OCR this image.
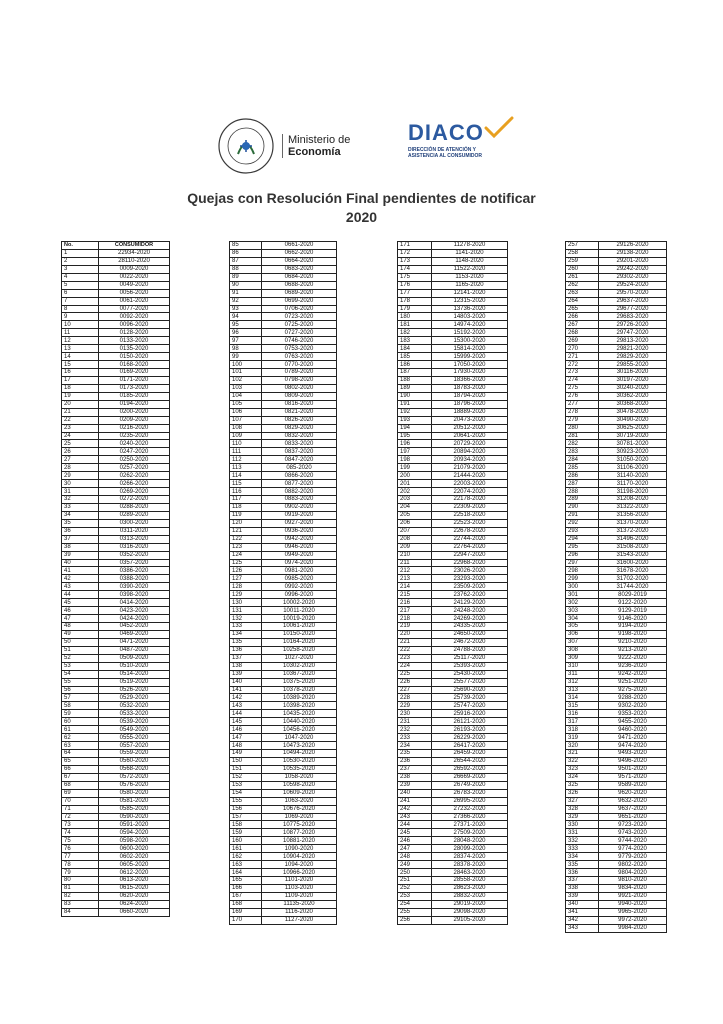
Ministerio de
Economía
DIACO
DIRECCIÓN DE ATENCIÓN Y
ASISTENCIA AL CONSUMIDOR
Quejas con Resolución Final pendientes de notificar
2020
No.	CONSUMIDOR
1	22934-2020
2	28110-2020
3	0009-2020
4	0022-2020
5	0049-2020
6	0056-2020
7	0061-2020
8	0077-2020
9	0092-2020
10	0096-2020
11	0128-2020
12	0133-2020
13	0135-2020
14	0150-2020
15	0168-2020
16	0169-2020
17	0171-2020
18	0173-2020
19	0185-2020
20	0194-2020
21	0200-2020
22	0209-2020
23	0216-2020
24	0235-2020
25	0240-2020
26	0247-2020
27	0250-2020
28	0257-2020
29	0262-2020
30	0266-2020
31	0269-2020
32	0272-2020
33	0288-2020
34	0289-2020
35	0300-2020
36	0311-2020
37	0313-2020
38	0316-2020
39	0352-2020
40	0357-2020
41	0386-2020
42	0388-2020
43	0390-2020
44	0398-2020
45	0414-2020
46	0423-2020
47	0424-2020
48	0452-2020
49	0469-2020
50	0471-2020
51	0487-2020
52	0509-2020
53	0510-2020
54	0514-2020
55	0519-2020
56	0526-2020
57	0529-2020
58	0532-2020
59	0533-2020
60	0539-2020
61	0549-2020
62	0555-2020
63	0557-2020
64	0559-2020
65	0560-2020
66	0568-2020
67	0572-2020
68	0576-2020
69	0580-2020
70	0581-2020
71	0585-2020
72	0590-2020
73	0591-2020
74	0594-2020
75	0598-2020
76	0600-2020
77	0602-2020
78	0605-2020
79	0612-2020
80	0613-2020
81	0615-2020
82	0620-2020
83	0624-2020
84	0660-2020
85	0661-2020
86	0662-2020
87	0664-2020
88	0683-2020
89	0684-2020
90	0688-2020
91	0689-2020
92	0699-2020
93	0706-2020
94	0723-2020
95	0725-2020
96	0727-2020
97	0746-2020
98	0753-2020
99	0763-2020
100	0770-2020
101	0789-2020
102	0798-2020
103	0802-2020
104	0809-2020
105	0816-2020
106	0821-2020
107	0826-2020
108	0829-2020
109	0832-2020
110	0833-2020
111	0837-2020
112	0847-2020
113	085-2020
114	0866-2020
115	0877-2020
116	0882-2020
117	0883-2020
118	0902-2020
119	0919-2020
120	0927-2020
121	0936-2020
122	0942-2020
123	0946-2020
124	0949-2020
125	0974-2020
126	0981-2020
127	0985-2020
128	0992-2020
129	0996-2020
130	10002-2020
131	10011-2020
132	10019-2020
133	10061-2020
134	10150-2020
135	10164-2020
136	10258-2020
137	1027-2020
138	10302-2020
139	10367-2020
140	10375-2020
141	10378-2020
142	10389-2020
143	10398-2020
144	10435-2020
145	10440-2020
146	10456-2020
147	1047-2020
148	10473-2020
149	10494-2020
150	10530-2020
151	10535-2020
152	1058-2020
153	10598-2020
154	10609-2020
155	1063-2020
156	10676-2020
157	1069-2020
158	10775-2020
159	10877-2020
160	10881-2020
161	1090-2020
162	10904-2020
163	1094-2020
164	10966-2020
165	1101-2020
166	1103-2020
167	1109-2020
168	11135-2020
169	1116-2020
170	1127-2020
171	11278-2020
172	1141-2020
173	1148-2020
174	11522-2020
175	1153-2020
176	1165-2020
177	12141-2020
178	12315-2020
179	13736-2020
180	14803-2020
181	14974-2020
182	15192-2020
183	15300-2020
184	15814-2020
185	15999-2020
186	17050-2020
187	17930-2020
188	18366-2020
189	18783-2020
190	18794-2020
191	18796-2020
192	18889-2020
193	20473-2020
194	20512-2020
195	20641-2020
196	20729-2020
197	20894-2020
198	20934-2020
199	21079-2020
200	21444-2020
201	22003-2020
202	22074-2020
203	22178-2020
204	22309-2020
205	22518-2020
206	22523-2020
207	22678-2020
208	22744-2020
209	22764-2020
210	22947-2020
211	22968-2020
212	23026-2020
213	23293-2020
214	23509-2020
215	23762-2020
216	24129-2020
217	24248-2020
218	24269-2020
219	24335-2020
220	24650-2020
221	24672-2020
222	24788-2020
223	25117-2020
224	25393-2020
225	25430-2020
226	25577-2020
227	25690-2020
228	25739-2020
229	25747-2020
230	25916-2020
231	26121-2020
232	26193-2020
233	26229-2020
234	26417-2020
235	26459-2020
236	26544-2020
237	26592-2020
238	26669-2020
239	26749-2020
240	26783-2020
241	26995-2020
242	27232-2020
243	27366-2020
244	27371-2020
245	27509-2020
246	28048-2020
247	28099-2020
248	28374-2020
249	28378-2020
250	28463-2020
251	28558-2020
252	28623-2020
253	28832-2020
254	29019-2020
255	29098-2020
256	29105-2020
257	29126-2020
258	29138-2020
259	29201-2020
260	29242-2020
261	29302-2020
262	29524-2020
263	29570-2020
264	29637-2020
265	29677-2020
266	29683-2020
267	29726-2020
268	29747-2020
269	29813-2020
270	29821-2020
271	29829-2020
272	29855-2020
273	30116-2020
274	30197-2020
275	30240-2020
276	30362-2020
277	30368-2020
278	30478-2020
279	30490-2020
280	30625-2020
281	30719-2020
282	30781-2020
283	30923-2020
284	31050-2020
285	31106-2020
286	31140-2020
287	31170-2020
288	31198-2020
289	31208-2020
290	31322-2020
291	31356-2020
292	31370-2020
293	31372-2020
294	31496-2020
295	31508-2020
296	31543-2020
297	31600-2020
298	31678-2020
299	31702-2020
300	31744-2020
301	8029-2019
302	9122-2020
303	9129-2019
304	9146-2020
305	9194-2020
306	9198-2020
307	9210-2020
308	9213-2020
309	9222-2020
310	9236-2020
311	9242-2020
312	9251-2020
313	9275-2020
314	9288-2020
315	9302-2020
316	9353-2020
317	9455-2020
318	9460-2020
319	9471-2020
320	9474-2020
321	9493-2020
322	9496-2020
323	9501-2020
324	9571-2020
325	9589-2020
326	9620-2020
327	9632-2020
328	9637-2020
329	9651-2020
330	9723-2020
331	9743-2020
332	9744-2020
333	9774-2020
334	9779-2020
335	9802-2020
336	9804-2020
337	9810-2020
338	9834-2020
339	9921-2020
340	9940-2020
341	9965-2020
342	9972-2020
343	9984-2020
